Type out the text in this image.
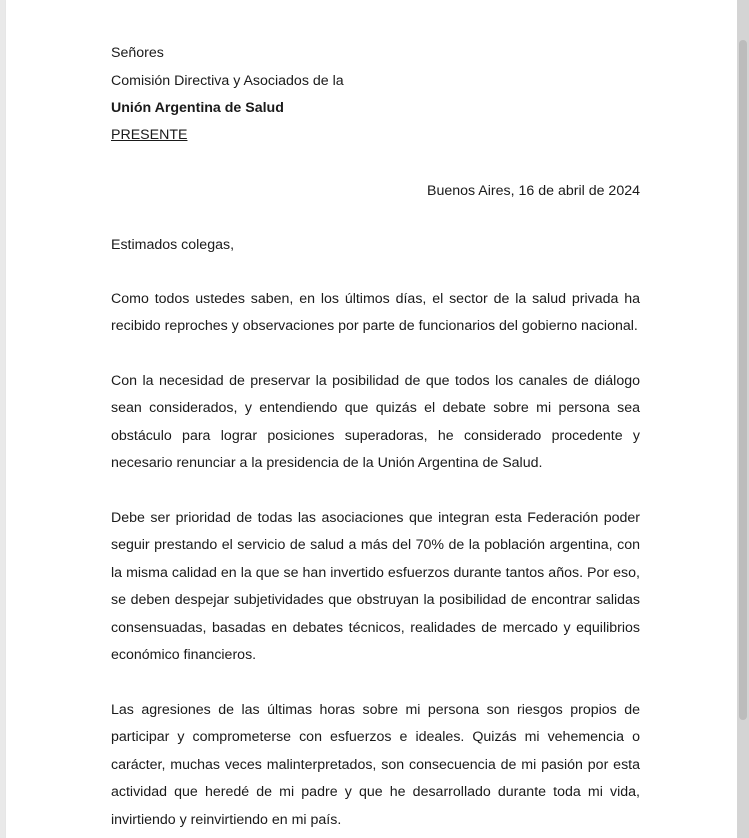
Señores
Comisión Directiva y Asociados de la
Unión Argentina de Salud
PRESENTE
Buenos Aires, 16 de abril de 2024
Estimados colegas,
Como todos ustedes saben, en los últimos días, el sector de la salud privada ha recibido reproches y observaciones por parte de funcionarios del gobierno nacional.
Con la necesidad de preservar la posibilidad de que todos los canales de diálogo sean considerados, y entendiendo que quizás el debate sobre mi persona sea obstáculo para lograr posiciones superadoras, he considerado procedente y necesario renunciar a la presidencia de la Unión Argentina de Salud.
Debe ser prioridad de todas las asociaciones que integran esta Federación poder seguir prestando el servicio de salud a más del 70% de la población argentina, con la misma calidad en la que se han invertido esfuerzos durante tantos años. Por eso, se deben despejar subjetividades que obstruyan la posibilidad de encontrar salidas consensuadas, basadas en debates técnicos, realidades de mercado y equilibrios económico financieros.
Las agresiones de las últimas horas sobre mi persona son riesgos propios de participar y comprometerse con esfuerzos e ideales. Quizás mi vehemencia o carácter, muchas veces malinterpretados, son consecuencia de mi pasión por esta actividad que heredé de mi padre y que he desarrollado durante toda mi vida, invirtiendo y reinvirtiendo en mi país.
